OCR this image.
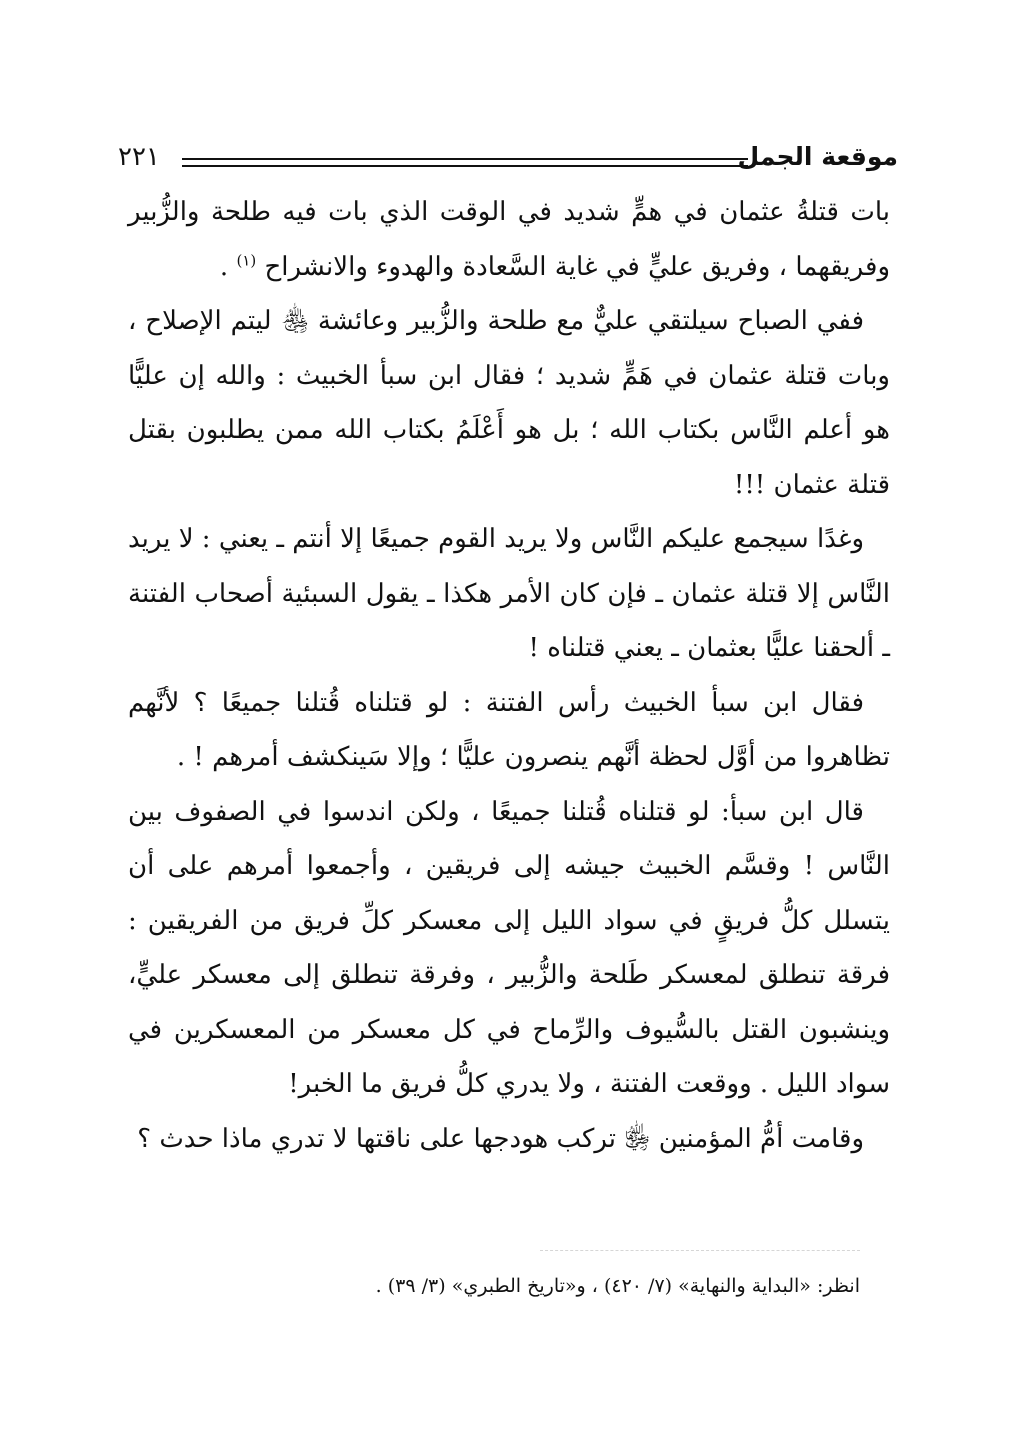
موقعة الجمل
٢٢١

بات قتلةُ عثمان في همٍّ شديد في الوقت الذي بات فيه طلحة والزُّبير وفريقهما ، وفريق عليٍّ في غاية السَّعادة والهدوء والانشراح $^{(١)}$ .

ففي الصباح سيلتقي عليٌّ مع طلحة والزُّبير وعائشة ﵃ ليتم الإصلاح ، وبات قتلة عثمان في هَمٍّ شديد ؛ فقال ابن سبأ الخبيث : والله إن عليًّا هو أعلم النَّاس بكتاب الله ؛ بل هو أَعْلَمُ بكتاب الله ممن يطلبون بقتل قتلة عثمان !!!

وغدًا سيجمع عليكم النَّاس ولا يريد القوم جميعًا إلا أنتم ـ يعني : لا يريد النَّاس إلا قتلة عثمان ـ فإن كان الأمر هكذا ـ يقول السبئية أصحاب الفتنة ـ ألحقنا عليًّا بعثمان ـ يعني قتلناه !

فقال ابن سبأ الخبيث رأس الفتنة : لو قتلناه قُتلنا جميعًا ؟ لأنَّهم تظاهروا من أوَّل لحظة أنَّهم ينصرون عليًّا ؛ وإلا سَينكشف أمرهم ! .

قال ابن سبأ: لو قتلناه قُتلنا جميعًا ، ولكن اندسوا في الصفوف بين النَّاس ! وقسَّم الخبيث جيشه إلى فريقين ، وأجمعوا أمرهم على أن يتسلل كلُّ فريقٍ في سواد الليل إلى معسكر كلِّ فريق من الفريقين : فرقة تنطلق لمعسكر طَلحة والزُّبير ، وفرقة تنطلق إلى معسكر عليٍّ، وينشبون القتل بالسُّيوف والرِّماح في كل معسكر من المعسكرين في سواد الليل . ووقعت الفتنة ، ولا يدري كلُّ فريق ما الخبر!

وقامت أمُّ المؤمنين ﵂ تركب هودجها على ناقتها لا تدري ماذا حدث ؟

انظر: «البداية والنهاية» (٧/ ٤٢٠) ، و«تاريخ الطبري» (٣/ ٣٩) .
